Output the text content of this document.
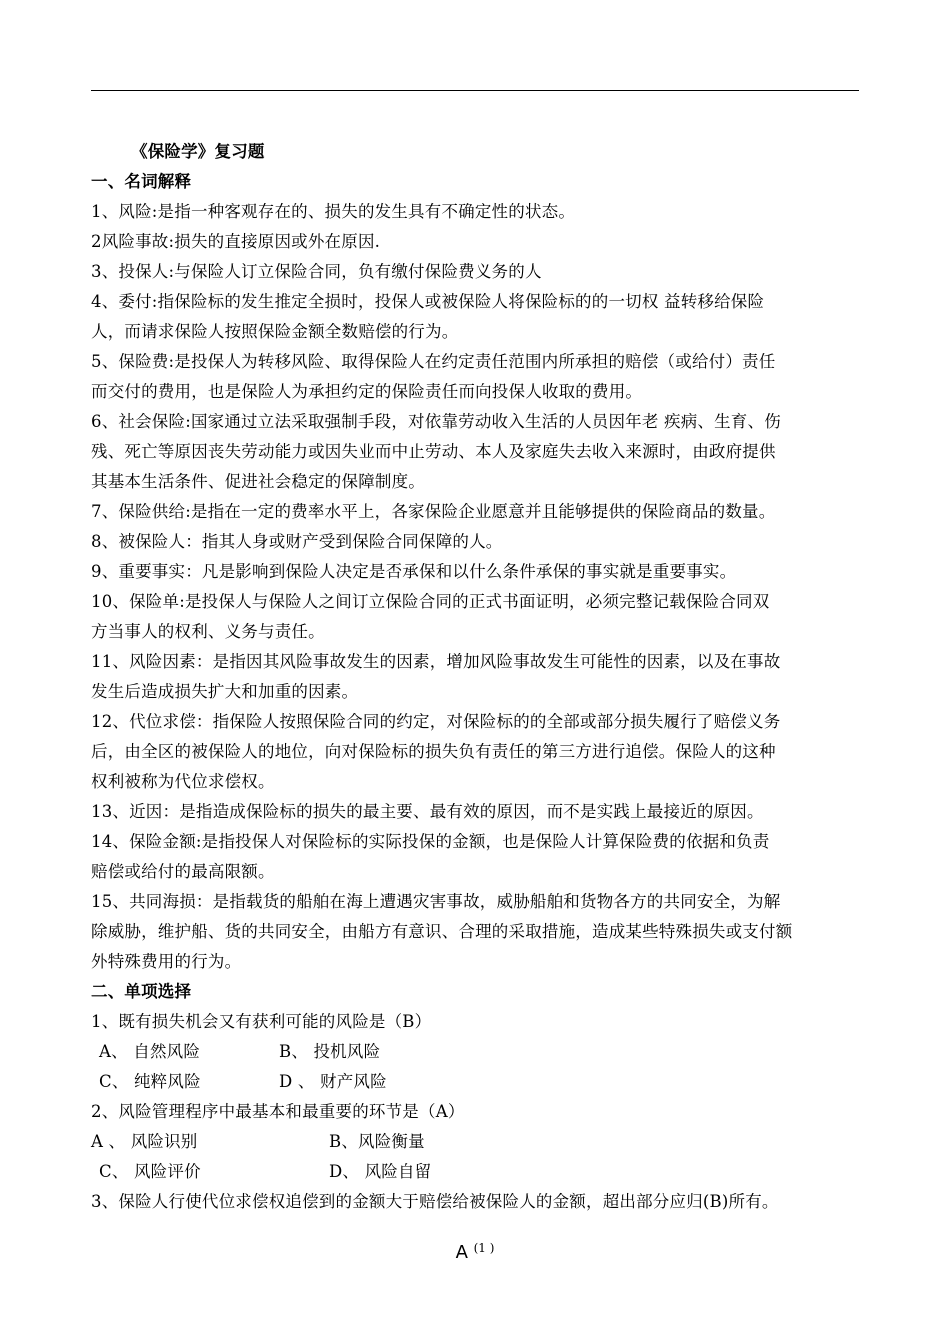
《保险学》复习题
一、名词解释
1、风险:是指一种客观存在的、损失的发生具有不确定性的状态。
2风险事故:损失的直接原因或外在原因.
3、投保人:与保险人订立保险合同，负有缴付保险费义务的人
4、委付:指保险标的发生推定全损时，投保人或被保险人将保险标的的一切权 益转移给保险
人，而请求保险人按照保险金额全数赔偿的行为。
5、保险费:是投保人为转移风险、取得保险人在约定责任范围内所承担的赔偿（或给付）责任
而交付的费用，也是保险人为承担约定的保险责任而向投保人收取的费用。
6、社会保险:国家通过立法采取强制手段，对依靠劳动收入生活的人员因年老 疾病、生育、伤
残、死亡等原因丧失劳动能力或因失业而中止劳动、本人及家庭失去收入来源时，由政府提供
其基本生活条件、促进社会稳定的保障制度。
7、保险供给:是指在一定的费率水平上，各家保险企业愿意并且能够提供的保险商品的数量。
8、被保险人：指其人身或财产受到保险合同保障的人。
9、重要事实：凡是影响到保险人决定是否承保和以什么条件承保的事实就是重要事实。
10、保险单:是投保人与保险人之间订立保险合同的正式书面证明，必须完整记载保险合同双
方当事人的权利、义务与责任。
11、风险因素：是指因其风险事故发生的因素，增加风险事故发生可能性的因素，以及在事故
发生后造成损失扩大和加重的因素。
12、代位求偿：指保险人按照保险合同的约定，对保险标的的全部或部分损失履行了赔偿义务
后，由全区的被保险人的地位，向对保险标的损失负有责任的第三方进行追偿。保险人的这种
权利被称为代位求偿权。
13、近因：是指造成保险标的损失的最主要、最有效的原因，而不是实践上最接近的原因。
14、保险金额:是指投保人对保险标的实际投保的金额，也是保险人计算保险费的依据和负责
赔偿或给付的最高限额。
15、共同海损：是指载货的船舶在海上遭遇灾害事故，威胁船舶和货物各方的共同安全，为解
除威胁，维护船、货的共同安全，由船方有意识、合理的采取措施，造成某些特殊损失或支付额
外特殊费用的行为。
二、单项选择
1、既有损失机会又有获利可能的风险是（B）
A、 自然风险	B、 投机风险
C、 纯粹风险	D 、 财产风险
2、风险管理程序中最基本和最重要的环节是（A）
A 、 风险识别	B、风险衡量
C、 风险评价	D、 风险自留
3、保险人行使代位求偿权追偿到的金额大于赔偿给被保险人的金额，超出部分应归(B)所有。
A $^{(1 )}$
